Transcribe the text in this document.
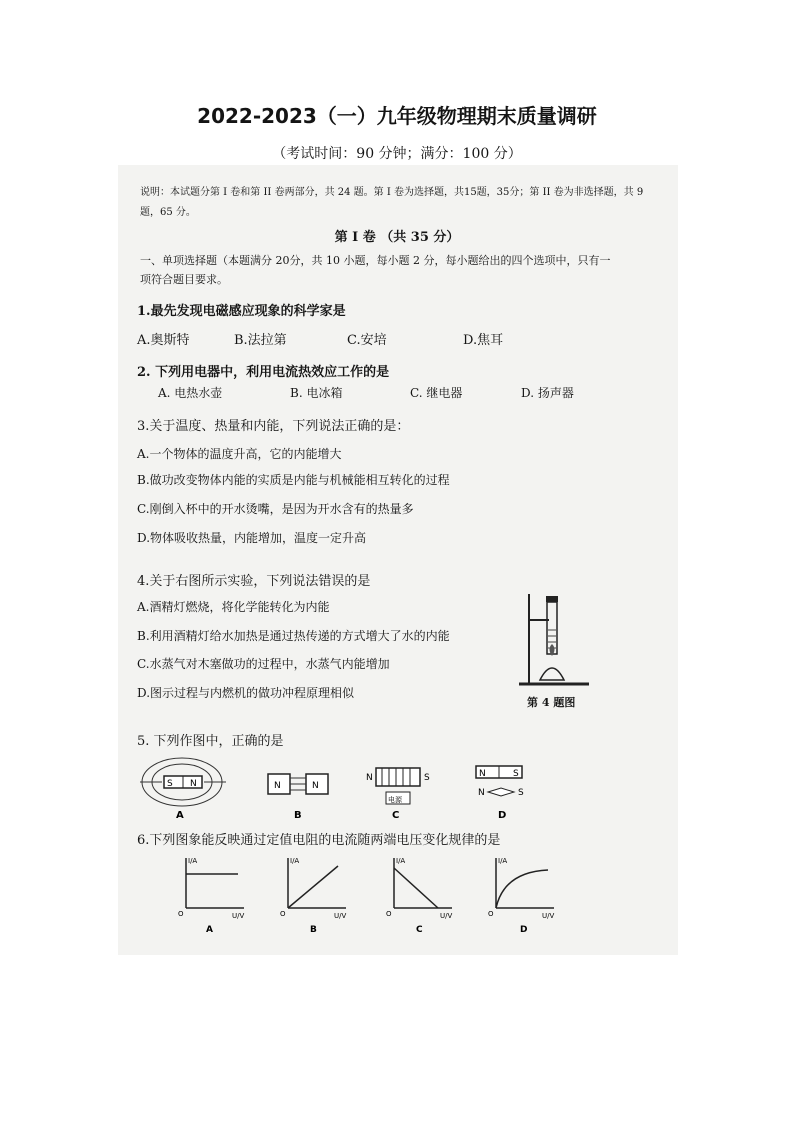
2022-2023（一）九年级物理期末质量调研
（考试时间：90 分钟；满分：100 分）
说明：本试题分第 I 卷和第 II 卷两部分，共 24 题。第 I 卷为选择题，共15题，35分；第 II 卷为非选择题，共 9 题，65 分。
第 I 卷 （共 35 分）
一、单项选择题（本题满分 20分，共 10 小题，每小题 2 分，每小题给出的四个选项中，只有一项符合题目要求。
1.最先发现电磁感应现象的科学家是
A.奥斯特	B.法拉第	C.安培	D.焦耳
2. 下列用电器中，利用电流热效应工作的是
A. 电热水壶	B. 电冰箱	C. 继电器	D. 扬声器
3.关于温度、热量和内能，下列说法正确的是：
A.一个物体的温度升高，它的内能增大
B.做功改变物体内能的实质是内能与机械能相互转化的过程
C.刚倒入杯中的开水烫嘴，是因为开水含有的热量多
D.物体吸收热量，内能增加，温度一定升高
4.关于右图所示实验，下列说法错误的是
A.酒精灯燃烧，将化学能转化为内能
B.利用酒精灯给水加热是通过热传递的方式增大了水的内能
C.水蒸气对木塞做功的过程中，水蒸气内能增加
D.图示过程与内燃机的做功冲程原理相似
第 4 题图
5. 下列作图中，正确的是
S N
A
N	N
B
电源
N	S
C
N	S
N	S
D
6.下列图象能反映通过定值电阻的电流随两端电压变化规律的是
I/A
U/V
O
A
I/A
U/V
O
B
I/A
U/V
O
C
I/A
U/V
O
D
